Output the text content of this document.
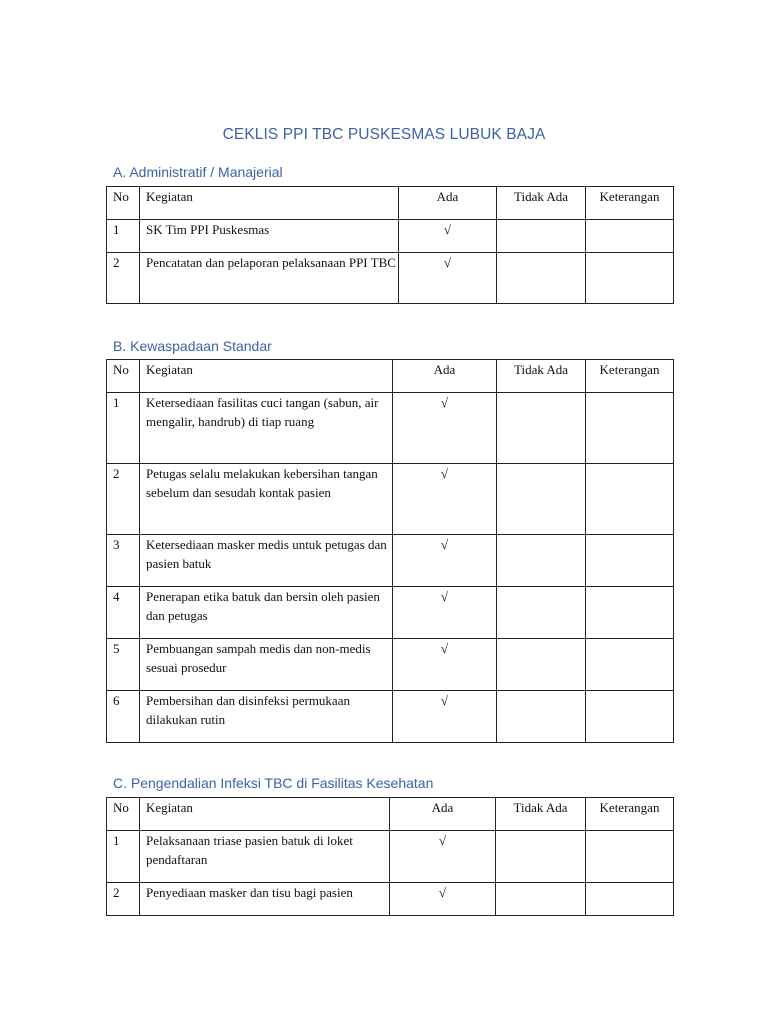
CEKLIS PPI TBC PUSKESMAS LUBUK BAJA
A. Administratif / Manajerial
No	Kegiatan	Ada	Tidak Ada	Keterangan
1	SK Tim PPI Puskesmas	√		
2	Pencatatan dan pelaporan pelaksanaan PPI TBC	√		
B. Kewaspadaan Standar
No	Kegiatan	Ada	Tidak Ada	Keterangan
1	Ketersediaan fasilitas cuci tangan (sabun, air mengalir, handrub) di tiap ruang	√		
2	Petugas selalu melakukan kebersihan tangan sebelum dan sesudah kontak pasien	√		
3	Ketersediaan masker medis untuk petugas dan pasien batuk	√		
4	Penerapan etika batuk dan bersin oleh pasien dan petugas	√		
5	Pembuangan sampah medis dan non-medis sesuai prosedur	√		
6	Pembersihan dan disinfeksi permukaan dilakukan rutin	√		
C. Pengendalian Infeksi TBC di Fasilitas Kesehatan
No	Kegiatan	Ada	Tidak Ada	Keterangan
1	Pelaksanaan triase pasien batuk di loket pendaftaran	√		
2	Penyediaan masker dan tisu bagi pasien	√		
